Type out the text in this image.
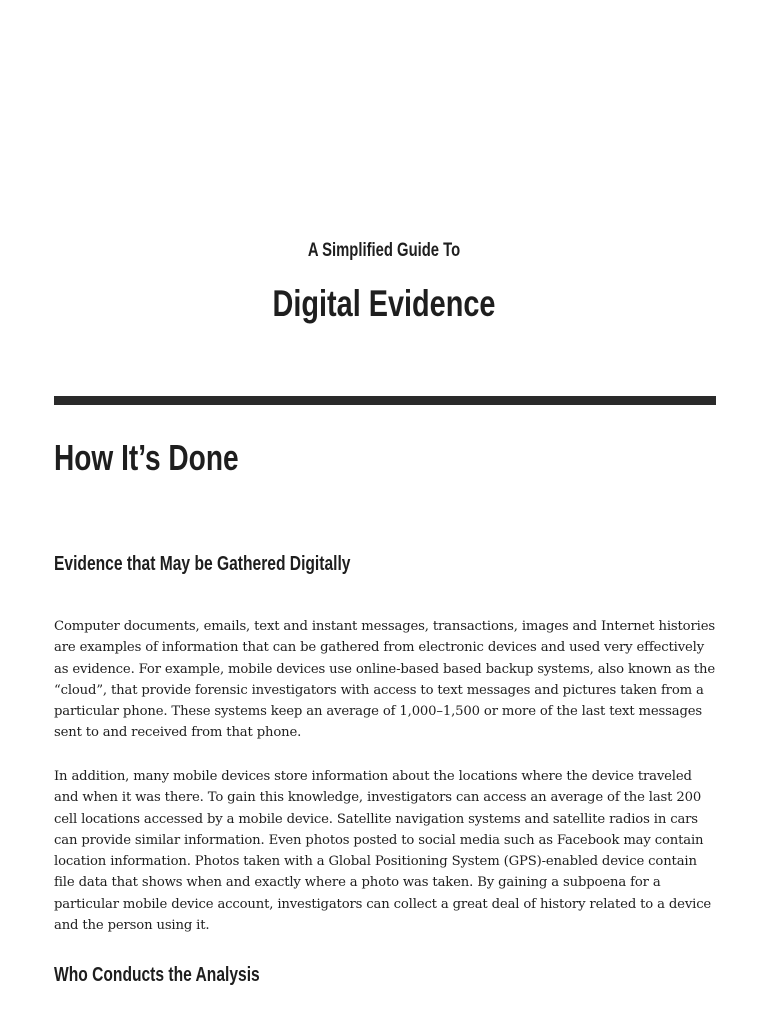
A Simplified Guide To
Digital Evidence
How It’s Done
Evidence that May be Gathered Digitally

Computer documents, emails, text and instant messages, transactions, images and Internet histories are examples of information that can be gathered from electronic devices and used very effectively as evidence. For example, mobile devices use online-based based backup systems, also known as the “cloud”, that provide forensic investigators with access to text messages and pictures taken from a particular phone. These systems keep an average of 1,000–1,500 or more of the last text messages sent to and received from that phone.

In addition, many mobile devices store information about the locations where the device traveled and when it was there. To gain this knowledge, investigators can access an average of the last 200 cell locations accessed by a mobile device. Satellite navigation systems and satellite radios in cars can provide similar information. Even photos posted to social media such as Facebook may contain location information. Photos taken with a Global Positioning System (GPS)-enabled device contain file data that shows when and exactly where a photo was taken. By gaining a subpoena for a particular mobile device account, investigators can collect a great deal of history related to a device and the person using it.

Who Conducts the Analysis
